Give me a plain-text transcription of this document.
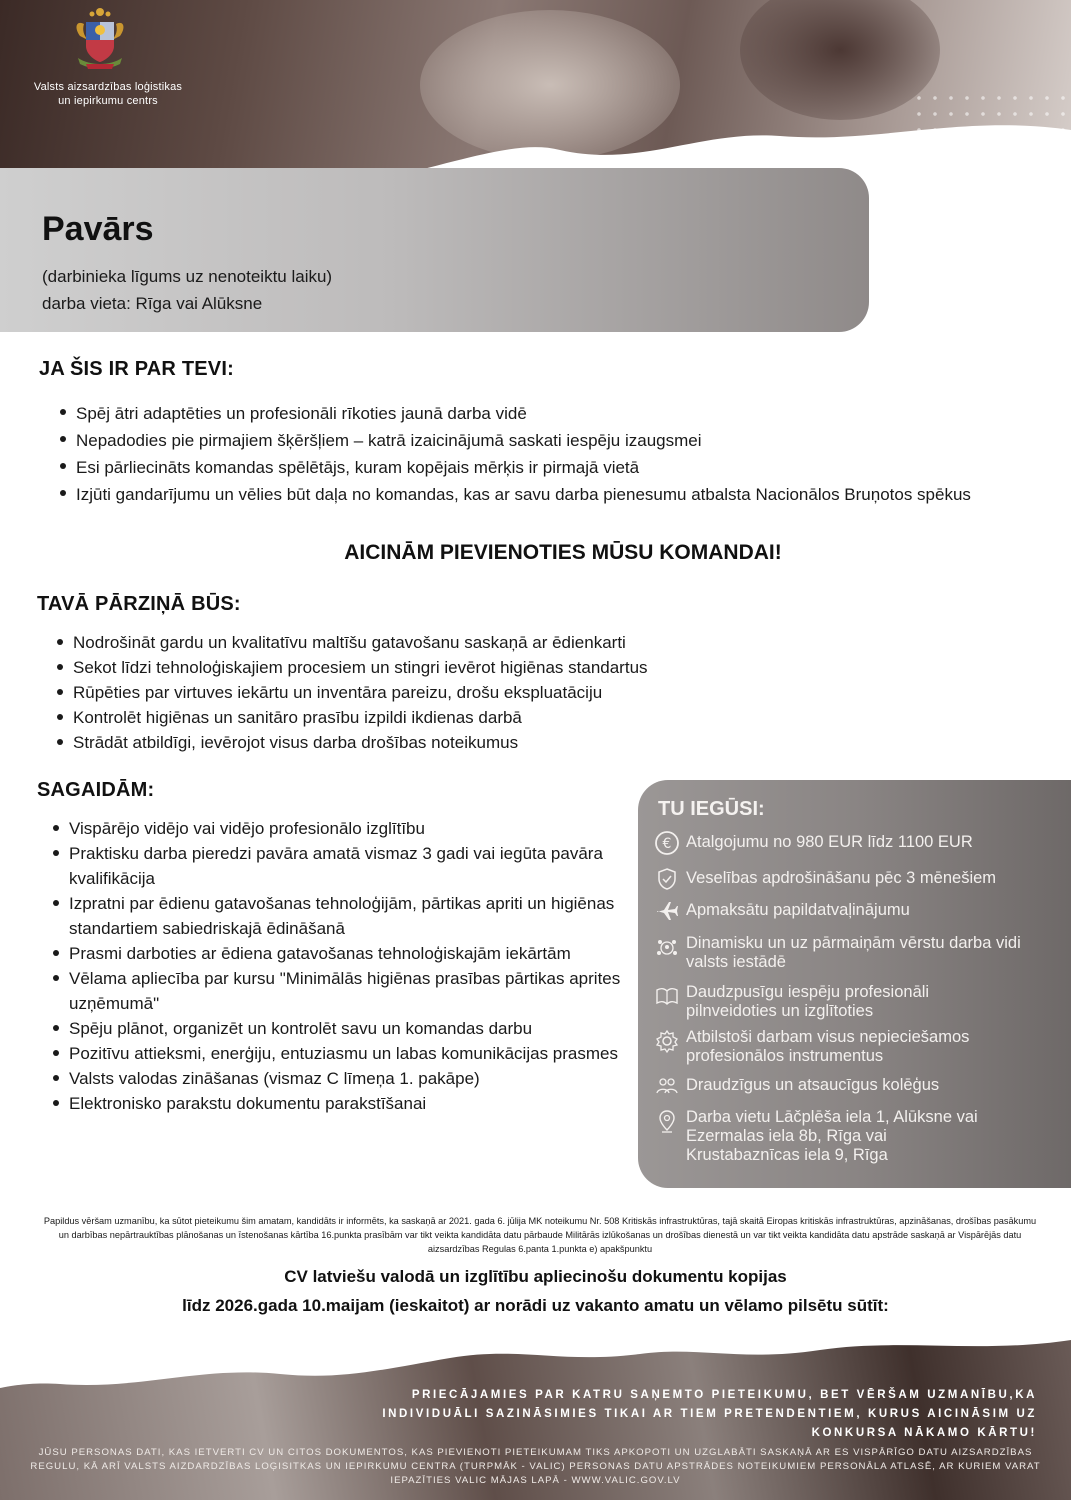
Valsts aizsardzības loģistikas
un iepirkumu centrs
Pavārs
(darbinieka līgums uz nenoteiktu laiku)
darba vieta: Rīga vai Alūksne
JA ŠIS IR PAR TEVI:
Spēj ātri adaptēties un profesionāli rīkoties jaunā darba vidē
Nepadodies pie pirmajiem šķēršļiem – katrā izaicinājumā saskati iespēju izaugsmei
Esi pārliecināts komandas spēlētājs, kuram kopējais mērķis ir pirmajā vietā
Izjūti gandarījumu un vēlies būt daļa no komandas, kas ar savu darba pienesumu atbalsta Nacionālos Bruņotos spēkus
AICINĀM PIEVIENOTIES MŪSU KOMANDAI!
TAVĀ PĀRZIŅĀ BŪS:
Nodrošināt gardu un kvalitatīvu maltīšu gatavošanu saskaņā ar ēdienkarti
Sekot līdzi tehnoloģiskajiem procesiem un stingri ievērot higiēnas standartus
Rūpēties par virtuves iekārtu un inventāra pareizu, drošu ekspluatāciju
Kontrolēt higiēnas un sanitāro prasību izpildi ikdienas darbā
Strādāt atbildīgi, ievērojot visus darba drošības noteikumus
SAGAIDĀM:
Vispārējo vidējo vai vidējo profesionālo izglītību
Praktisku darba pieredzi pavāra amatā vismaz 3 gadi vai iegūta pavāra kvalifikācija
Izpratni par ēdienu gatavošanas tehnoloģijām, pārtikas apriti un higiēnas standartiem sabiedriskajā ēdināšanā
Prasmi darboties ar ēdiena gatavošanas tehnoloģiskajām iekārtām
Vēlama apliecība par kursu "Minimālās higiēnas prasības pārtikas aprites uzņēmumā"
Spēju plānot, organizēt un kontrolēt savu un komandas darbu
Pozitīvu attieksmi, enerģiju, entuziasmu un labas komunikācijas prasmes
Valsts valodas zināšanas (vismaz C līmeņa 1. pakāpe)
Elektronisko parakstu dokumentu parakstīšanai
TU IEGŪSI:
€ Atalgojumu no 980 EUR līdz 1100 EUR
Veselības apdrošināšanu pēc 3 mēnešiem
Apmaksātu papildatvaļinājumu
Dinamisku un uz pārmaiņām vērstu darba vidi valsts iestādē
Daudzpusīgu iespēju profesionāli pilnveidoties un izglītoties
Atbilstoši darbam visus nepieciešamos profesionālos instrumentus
Draudzīgus un atsaucīgus kolēģus
Darba vietu Lāčplēša iela 1, Alūksne vai Ezermalas iela 8b, Rīga vai Krustabaznīcas iela 9, Rīga
Papildus vēršam uzmanību, ka sūtot pieteikumu šim amatam, kandidāts ir informēts, ka saskaņā ar 2021. gada 6. jūlija MK noteikumu Nr. 508 Kritiskās infrastruktūras, tajā skaitā Eiropas kritiskās infrastruktūras, apzināšanas, drošības pasākumu un darbības nepārtrauktības plānošanas un īstenošanas kārtība 16.punkta prasībām var tikt veikta kandidāta datu pārbaude Militārās izlūkošanas un drošības dienestā un var tikt veikta kandidāta datu apstrāde saskaņā ar Vispārējās datu aizsardzības Regulas 6.panta 1.punkta e) apakšpunktu
CV latviešu valodā un izglītību apliecinošu dokumentu kopijas
līdz 2026.gada 10.maijam (ieskaitot) ar norādi uz vakanto amatu un vēlamo pilsētu sūtīt:
PRIECĀJAMIES PAR KATRU SAŅEMTO PIETEIKUMU, BET VĒRŠAM UZMANĪBU,KA INDIVIDUĀLI SAZINĀSIMIES TIKAI AR TIEM PRETENDENTIEM, KURUS AICINĀSIM UZ KONKURSA NĀKAMO KĀRTU!
JŪSU PERSONAS DATI, KAS IETVERTI CV UN CITOS DOKUMENTOS, KAS PIEVIENOTI PIETEIKUMAM TIKS APKOPOTI UN UZGLABĀTI SASKAŅĀ AR ES VISPĀRĪGO DATU AIZSARDZĪBAS REGULU, KĀ ARĪ VALSTS AIZDARDZĪBAS LOĢISITKAS UN IEPIRKUMU CENTRA (TURPMĀK - VALIC) PERSONAS DATU APSTRĀDES NOTEIKUMIEM PERSONĀLA ATLASĒ, AR KURIEM VARAT IEPAZĪTIES VALIC MĀJAS LAPĀ - WWW.VALIC.GOV.LV
